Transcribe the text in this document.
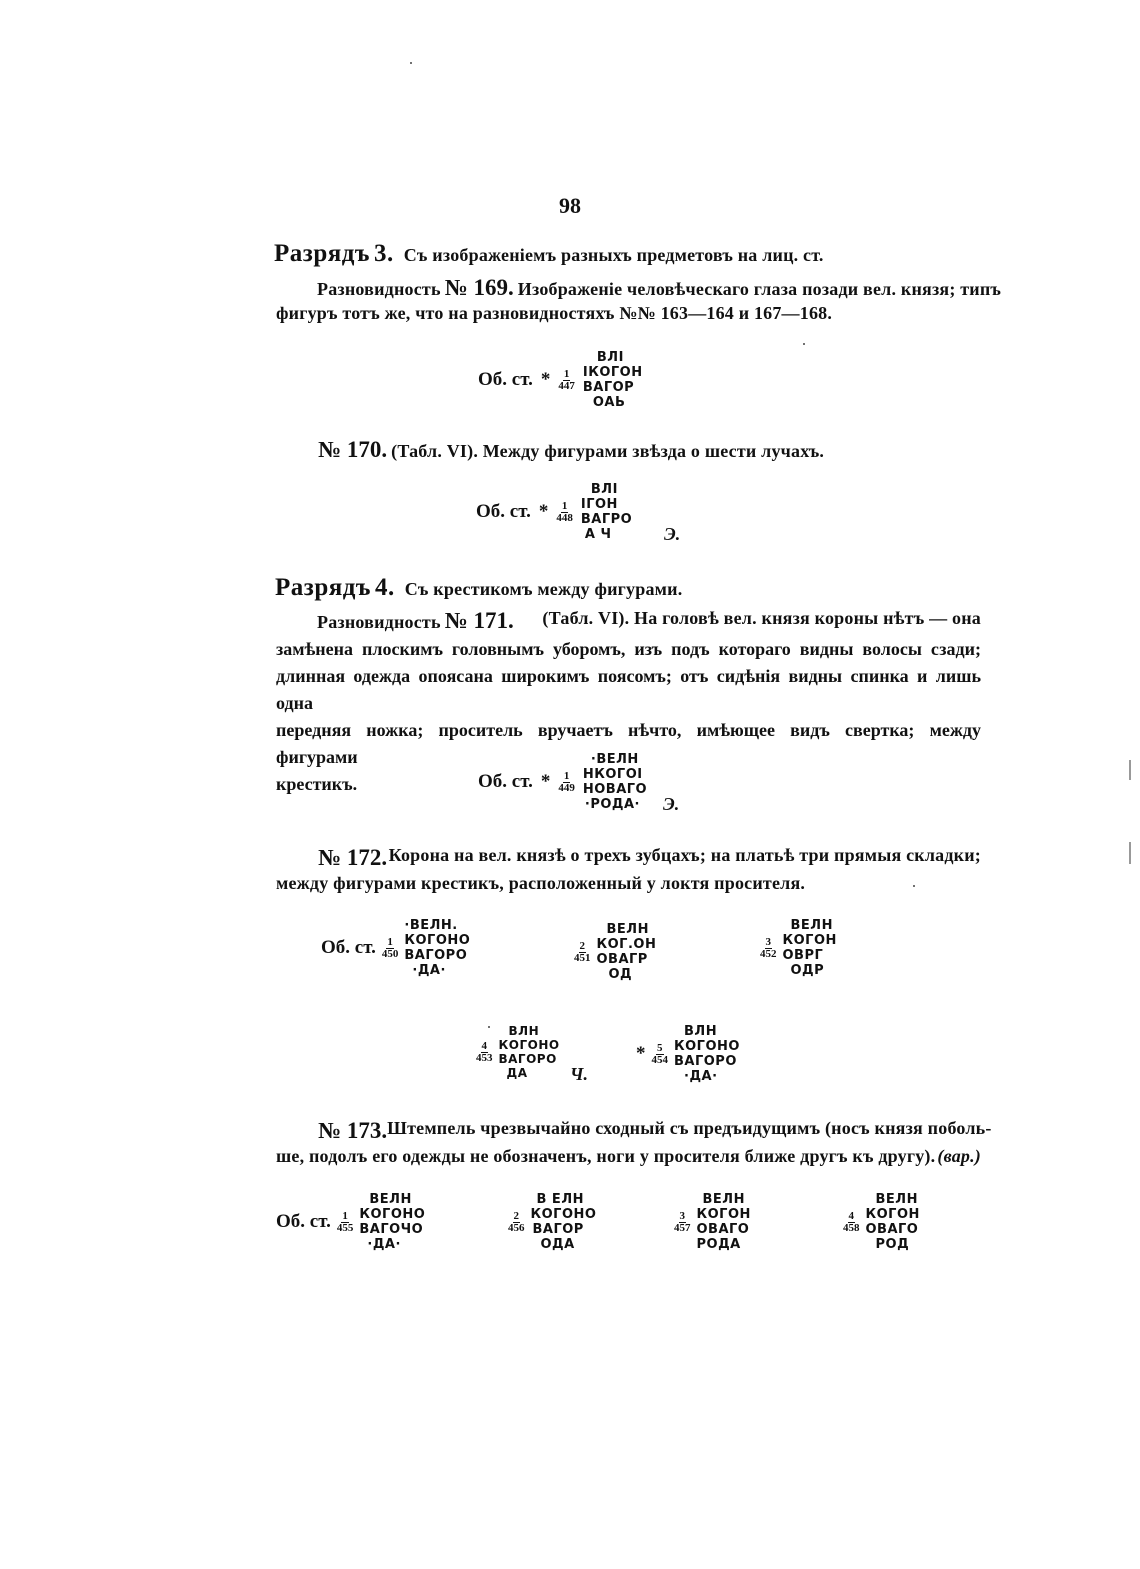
98
Разрядъ 3. Съ изображеніемъ разныхъ предметовъ на лиц. ст.
Разновидность № 169. Изображеніе человѣческаго глаза позади вел. князя; типъ
фигуръ тотъ же, что на разновидностяхъ №№ 163—164 и 167—168.
Об. ст. * $\frac{1}{447}$
ВЛІ
ІКОГОН
ВАГОР
ОАЬ
№ 170. (Табл. VI). Между фигурами звѣзда о шести лучахъ.
Об. ст. * $\frac{1}{448}$
ВЛІ
ІГОН
ВАГРО
А Ч	Э.
Разрядъ 4. Съ крестикомъ между фигурами.
Разновидность № 171. (Табл. VI). На головѣ вел. князя короны нѣтъ — она
замѣнена плоскимъ головнымъ уборомъ, изъ подъ котораго видны волосы сзади;
длинная одежда опоясана широкимъ поясомъ; отъ сидѣнія видны спинка и лишь одна
передняя ножка; проситель вручаетъ нѣчто, имѣющее видъ свертка; между фигурами
крестикъ.	Об. ст. * $\frac{1}{449}$
·ВЕЛН
НКОГОІ
НОВАГО
·РОДА·	Э.
№ 172. Корона на вел. князѣ о трехъ зубцахъ; на платьѣ три прямыя складки;
между фигурами крестикъ, расположенный у локтя просителя.
Об. ст. $\frac{1}{450}$
·ВЕЛН.
КОГОНО
ВАГОРО
·ДА·
$\frac{2}{451}$
ВЕЛН
КОГ.ОН
ОВАГР
ОД
$\frac{3}{452}$
ВЕЛН
КОГОН
ОВРГ
ОДР
$\frac{4}{453}$
ВЛН
КОГОНО
ВАГОРО
ДА	Ч.
* $\frac{5}{454}$
ВЛН
КОГОНО
ВАГОРО
·ДА·
№ 173. Штемпель чрезвычайно сходный съ предъидущимъ (носъ князя поболь-
ше, подолъ его одежды не обозначенъ, ноги у просителя ближе другъ къ другу). (вар.)
Об. ст. $\frac{1}{455}$
ВЕЛН
КОГОНО
ВАГОЧО
·ДА·
$\frac{2}{456}$
В ЕЛН
КОГОНО
ВАГОР
ОДА
$\frac{3}{457}$
ВЕЛН
КОГОН
ОВАГО
РОДА
$\frac{4}{458}$
ВЕЛН
КОГОН
ОВАГО
РОД
